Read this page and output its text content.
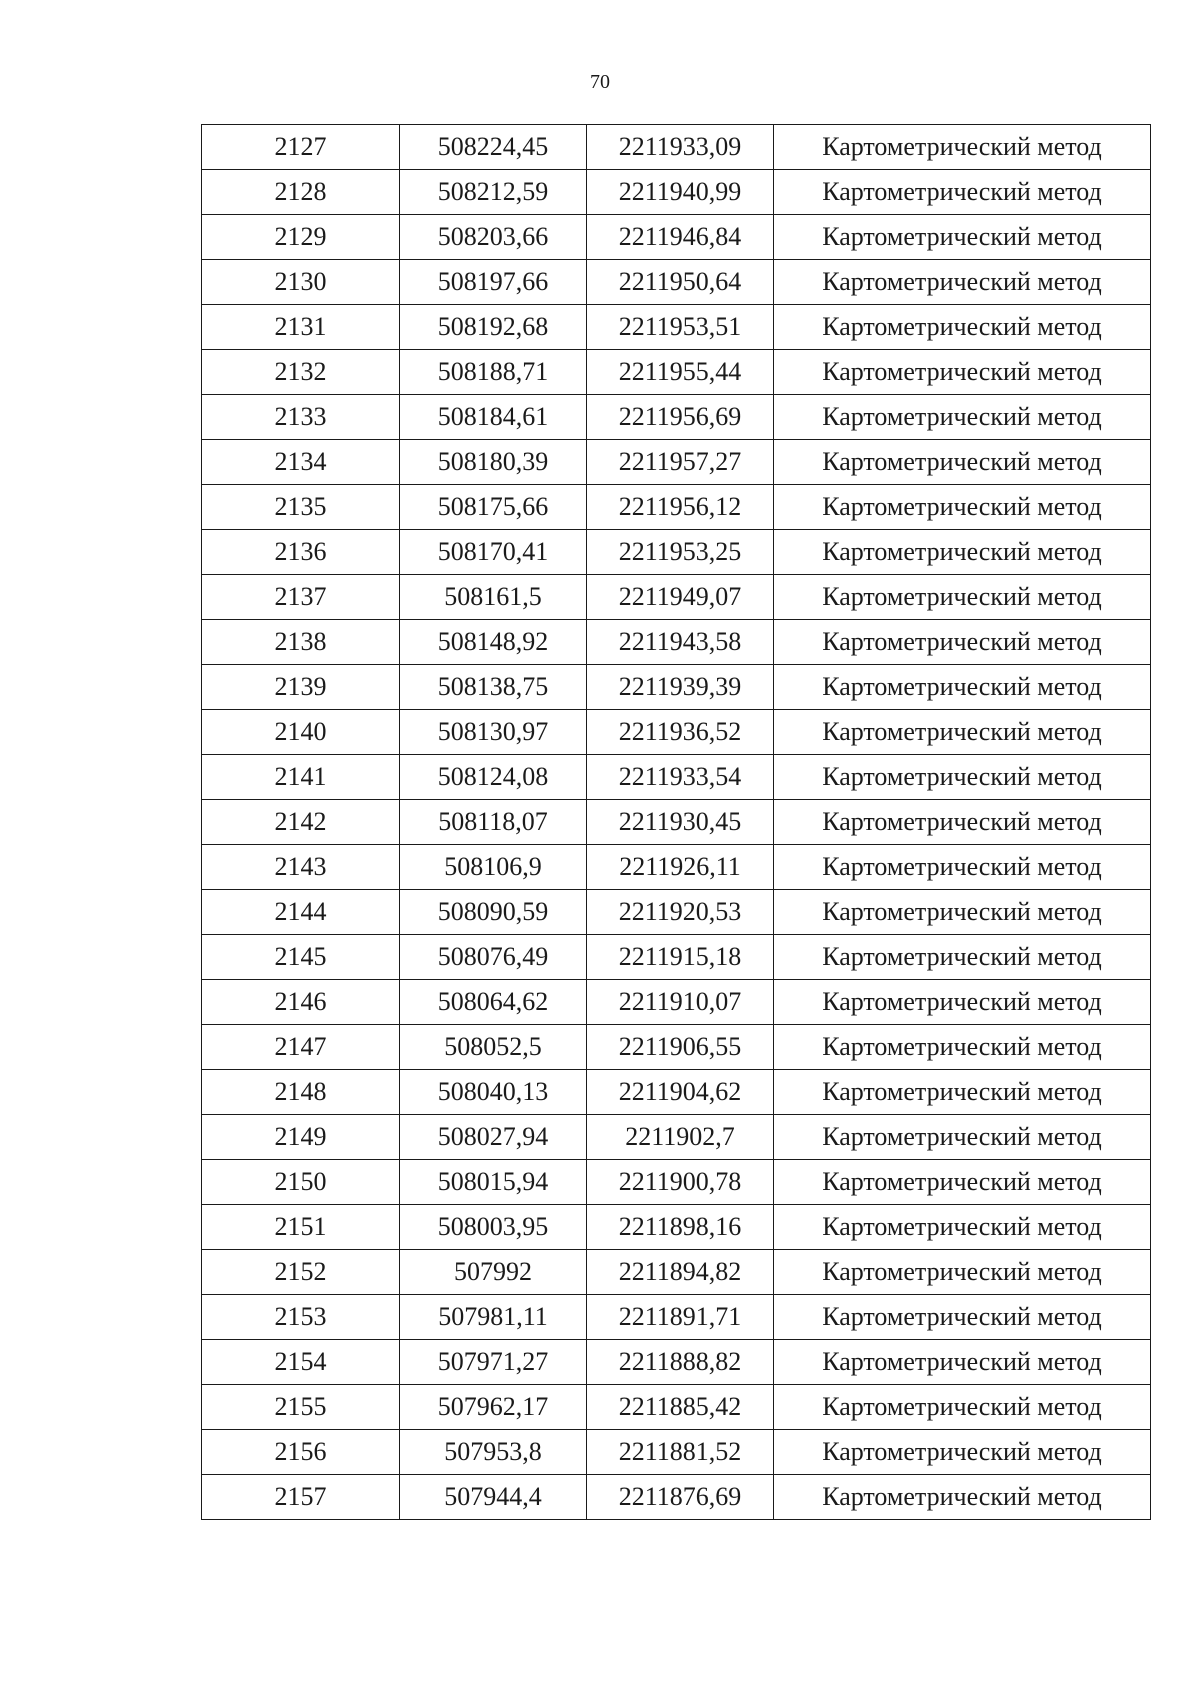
70
2127	508224,45	2211933,09	Картометрический метод
2128	508212,59	2211940,99	Картометрический метод
2129	508203,66	2211946,84	Картометрический метод
2130	508197,66	2211950,64	Картометрический метод
2131	508192,68	2211953,51	Картометрический метод
2132	508188,71	2211955,44	Картометрический метод
2133	508184,61	2211956,69	Картометрический метод
2134	508180,39	2211957,27	Картометрический метод
2135	508175,66	2211956,12	Картометрический метод
2136	508170,41	2211953,25	Картометрический метод
2137	508161,5	2211949,07	Картометрический метод
2138	508148,92	2211943,58	Картометрический метод
2139	508138,75	2211939,39	Картометрический метод
2140	508130,97	2211936,52	Картометрический метод
2141	508124,08	2211933,54	Картометрический метод
2142	508118,07	2211930,45	Картометрический метод
2143	508106,9	2211926,11	Картометрический метод
2144	508090,59	2211920,53	Картометрический метод
2145	508076,49	2211915,18	Картометрический метод
2146	508064,62	2211910,07	Картометрический метод
2147	508052,5	2211906,55	Картометрический метод
2148	508040,13	2211904,62	Картометрический метод
2149	508027,94	2211902,7	Картометрический метод
2150	508015,94	2211900,78	Картометрический метод
2151	508003,95	2211898,16	Картометрический метод
2152	507992	2211894,82	Картометрический метод
2153	507981,11	2211891,71	Картометрический метод
2154	507971,27	2211888,82	Картометрический метод
2155	507962,17	2211885,42	Картометрический метод
2156	507953,8	2211881,52	Картометрический метод
2157	507944,4	2211876,69	Картометрический метод
